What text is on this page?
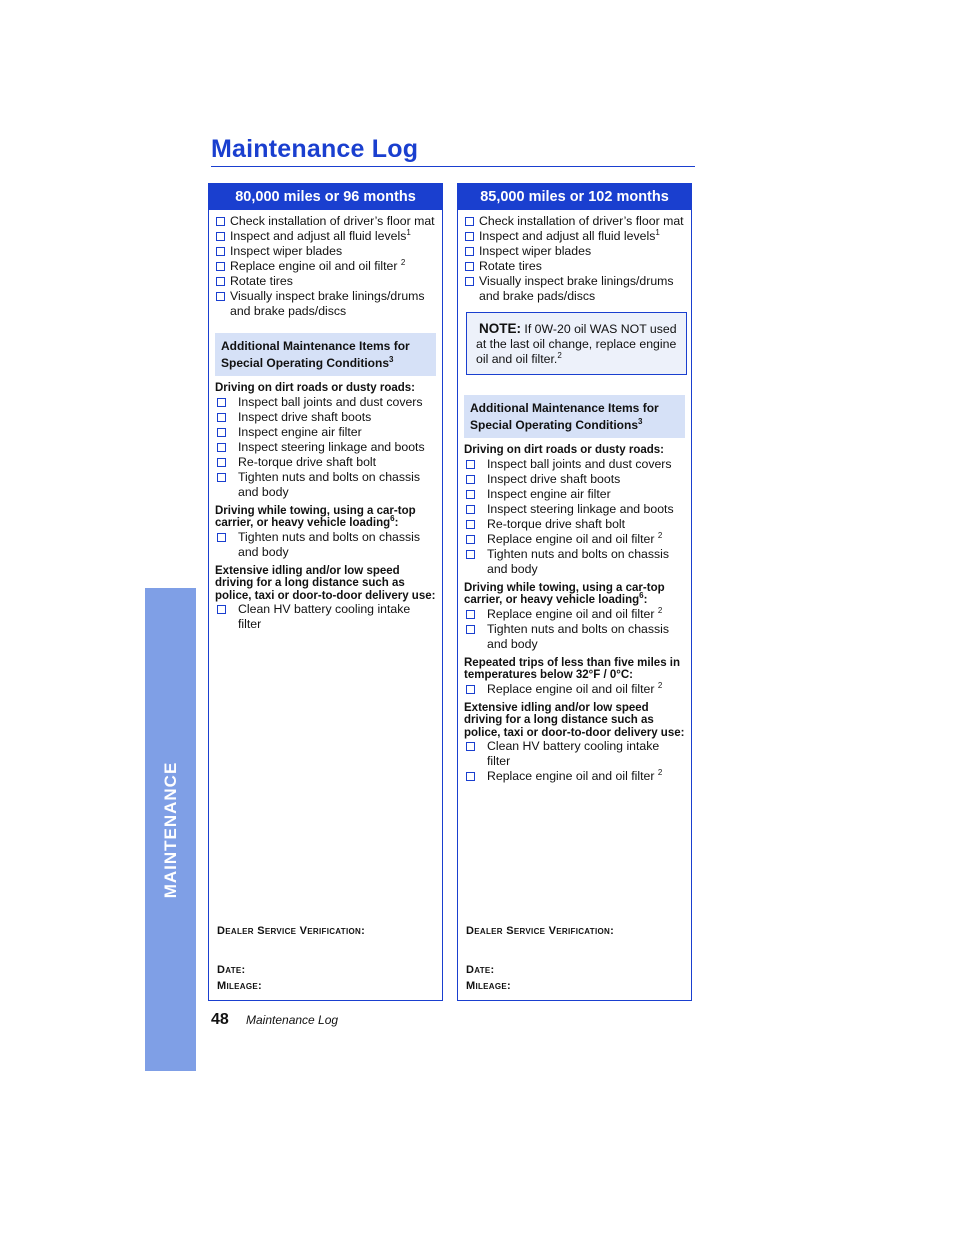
MAINTENANCE
Maintenance Log
80,000 miles or 96 months
Check installation of driver’s floor mat
Inspect and adjust all fluid levels$^1$
Inspect wiper blades
Replace engine oil and oil filter $^2$
Rotate tires
Visually inspect brake linings/drums and brake pads/discs
Additional Maintenance Items for
Special Operating Conditions$^3$
Driving on dirt roads or dusty roads:
Inspect ball joints and dust covers
Inspect drive shaft boots
Inspect engine air filter
Inspect steering linkage and boots
Re-torque drive shaft bolt
Tighten nuts and bolts on chassis and body
Driving while towing, using a car-top carrier, or heavy vehicle loading$^6$:
Tighten nuts and bolts on chassis and body
Extensive idling and/or low speed driving for a long distance such as police, taxi or door-to-door delivery use:
Clean HV battery cooling intake filter
Dealer Service Verification:
Date:
Mileage:
85,000 miles or 102 months
Check installation of driver’s floor mat
Inspect and adjust all fluid levels$^1$
Inspect wiper blades
Rotate tires
Visually inspect brake linings/drums and brake pads/discs
NOTE: If 0W-20 oil WAS NOT used at the last oil change, replace engine oil and oil filter.$^2$
Additional Maintenance Items for
Special Operating Conditions$^3$
Driving on dirt roads or dusty roads:
Inspect ball joints and dust covers
Inspect drive shaft boots
Inspect engine air filter
Inspect steering linkage and boots
Re-torque drive shaft bolt
Replace engine oil and oil filter $^2$
Tighten nuts and bolts on chassis and body
Driving while towing, using a car-top carrier, or heavy vehicle loading$^6$:
Replace engine oil and oil filter $^2$
Tighten nuts and bolts on chassis and body
Repeated trips of less than five miles in temperatures below 32°F / 0°C:
Replace engine oil and oil filter $^2$
Extensive idling and/or low speed driving for a long distance such as police, taxi or door-to-door delivery use:
Clean HV battery cooling intake filter
Replace engine oil and oil filter $^2$
Dealer Service Verification:
Date:
Mileage:
48 Maintenance Log
